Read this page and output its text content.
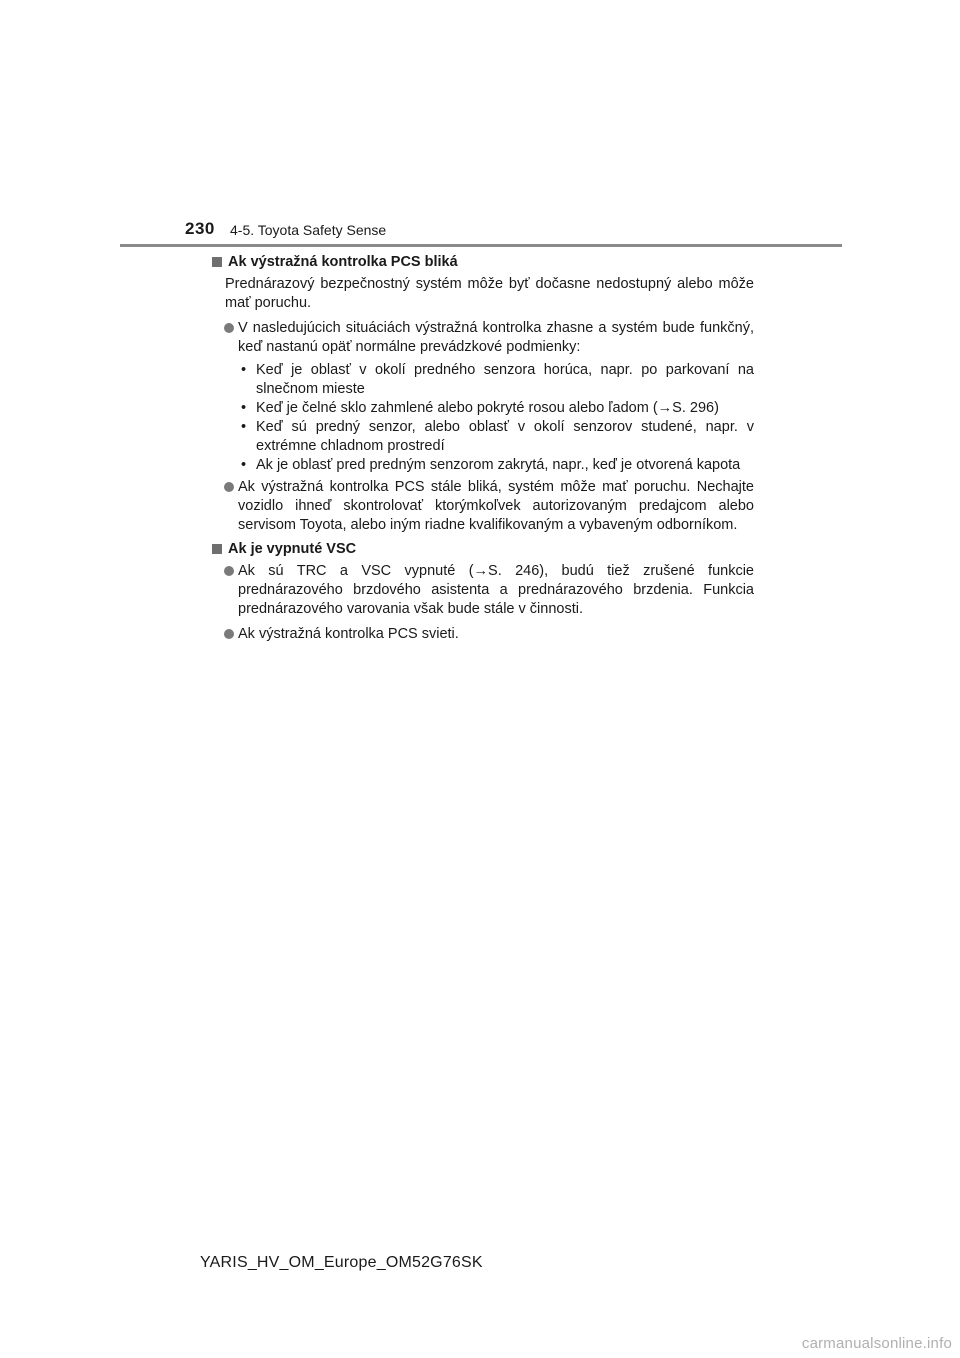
230 4-5. Toyota Safety Sense
Ak výstražná kontrolka PCS bliká
Prednárazový bezpečnostný systém môže byť dočasne nedostupný alebo môže mať poruchu.
V nasledujúcich situáciách výstražná kontrolka zhasne a systém bude funkčný, keď nastanú opäť normálne prevádzkové podmienky:
• Keď je oblasť v okolí predného senzora horúca, napr. po parkovaní na slnečnom mieste
• Keď je čelné sklo zahmlené alebo pokryté rosou alebo ľadom (→S. 296)
• Keď sú predný senzor, alebo oblasť v okolí senzorov studené, napr. v extrémne chladnom prostredí
• Ak je oblasť pred predným senzorom zakrytá, napr., keď je otvorená kapota
Ak výstražná kontrolka PCS stále bliká, systém môže mať poruchu. Nechajte vozidlo ihneď skontrolovať ktorýmkoľvek autorizovaným predajcom alebo servisom Toyota, alebo iným riadne kvalifikovaným a vybaveným odborníkom.
Ak je vypnuté VSC
Ak sú TRC a VSC vypnuté (→S. 246), budú tiež zrušené funkcie prednárazového brzdového asistenta a prednárazového brzdenia. Funkcia prednárazového varovania však bude stále v činnosti.
Ak výstražná kontrolka PCS svieti.
YARIS_HV_OM_Europe_OM52G76SK
carmanualsonline.info
